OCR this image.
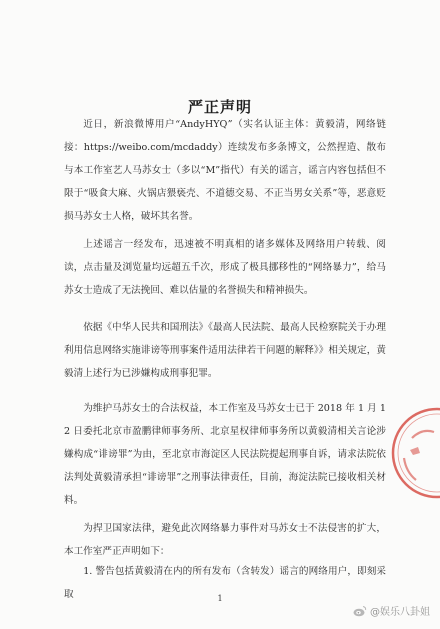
严正声明
近日，新浪微博用户“AndyHYQ”（实名认证主体：黄毅清，网络链接：https://weibo.com/mcdaddy）连续发布多条博文，公然捏造、散布与本工作室艺人马苏女士（多以“M”指代）有关的谣言，谣言内容包括但不限于“吸食大麻、火锅店猥亵壳、不道德交易、不正当男女关系”等，恶意贬损马苏女士人格，破坏其名誉。
上述谣言一经发布，迅速被不明真相的诸多媒体及网络用户转载、阅读，点击量及浏览量均远超五千次，形成了极具挪移性的“网络暴力”，给马苏女士造成了无法挽回、难以估量的名誉损失和精神损失。
依据《中华人民共和国刑法》《最高人民法院、最高人民检察院关于办理利用信息网络实施诽谤等刑事案件适用法律若干问题的解释》》相关规定，黄毅清上述行为已涉嫌构成刑事犯罪。
为维护马苏女士的合法权益，本工作室及马苏女士已于 2018 年 1 月 12 日委托北京市盈鹏律师事务所、北京星权律师事务所以黄毅清相关言论涉嫌构成“诽谤罪”为由，至北京市海淀区人民法院提起刑事自诉，请求法院依法判处黄毅清承担“诽谤罪”之刑事法律责任，目前，海淀法院已接收相关材料。
为捍卫国家法律，避免此次网络暴力事件对马苏女士不法侵害的扩大，本工作室严正声明如下：
1. 警告包括黄毅清在内的所有发布（含转发）谣言的网络用户，即刻采取	1
@娱乐八卦姐
